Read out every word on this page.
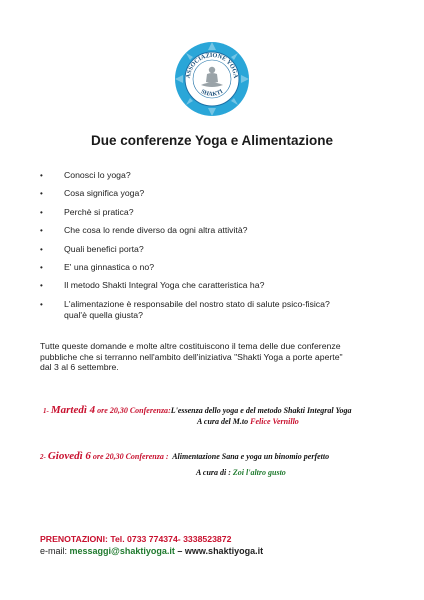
ASSOCIAZIONE YOGA
SHAKTI
Due conferenze Yoga e Alimentazione
• Conosci lo yoga?
• Cosa significa yoga?
• Perchè si pratica?
• Che cosa lo rende diverso da ogni altra attività?
• Quali benefici porta?
• E' una ginnastica o no?
• Il metodo Shakti Integral Yoga che caratteristica ha?
• L'alimentazione è responsabile del nostro stato di salute psico-fisica?
qual'è quella giusta?
Tutte queste domande e molte altre costituiscono il tema delle due conferenze
pubbliche che si terranno nell'ambito dell'iniziativa "Shakti Yoga a porte aperte"
dal 3 al 6 settembre.
1- Martedì 4 ore 20,30 Conferenza:L'essenza dello yoga e del metodo Shakti Integral Yoga
A cura del M.to Felice Vernillo
2- Giovedì 6 ore 20,30 Conferenza : Alimentazione Sana e yoga un binomio perfetto
A cura di : Zoi l'altro gusto
PRENOTAZIONI: Tel. 0733 774374- 3338523872
e-mail: messaggi@shaktiyoga.it – www.shaktiyoga.it
